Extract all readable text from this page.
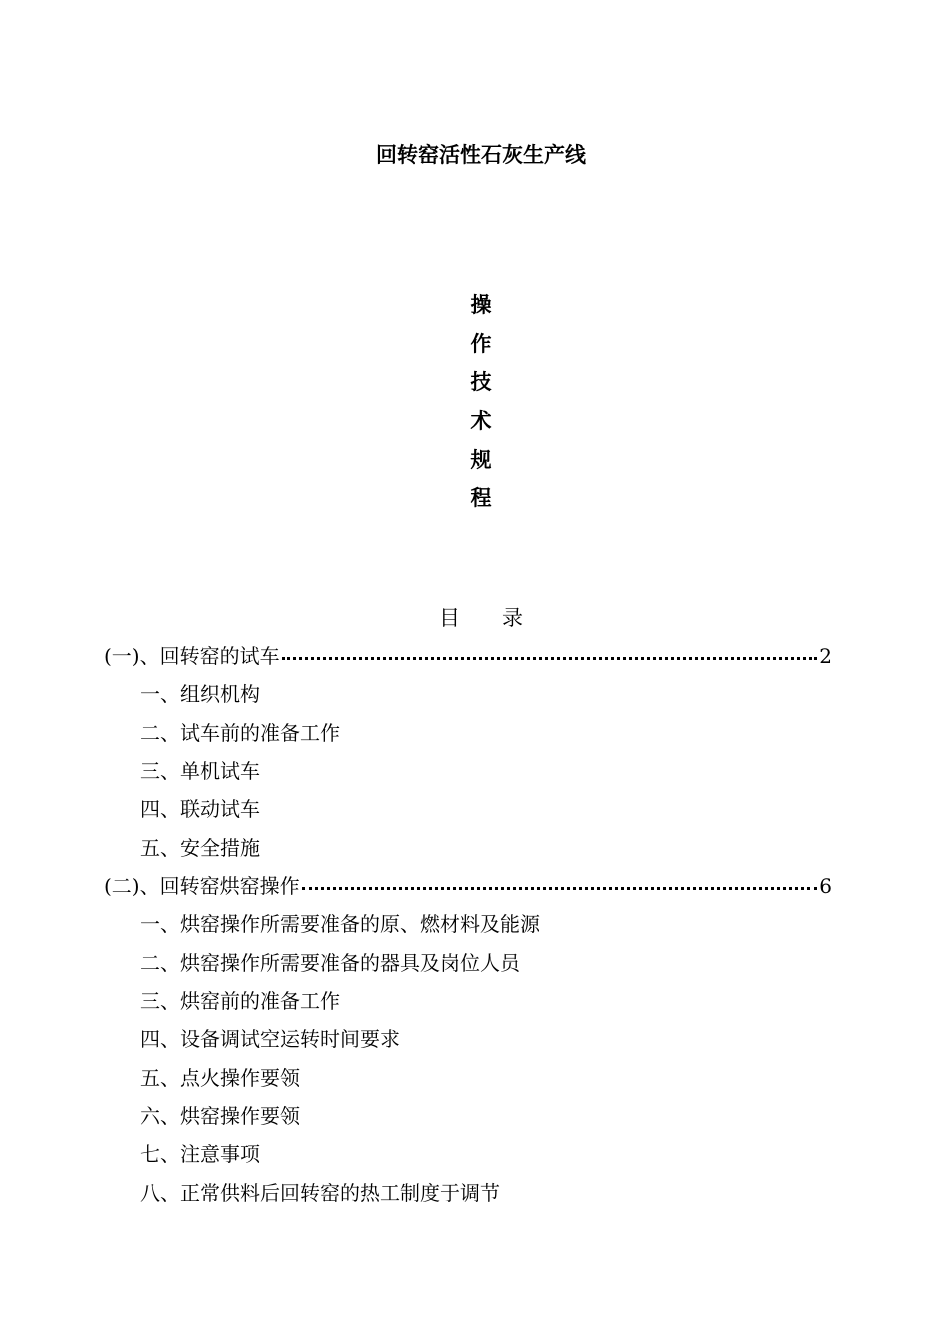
回转窑活性石灰生产线
操
作
技
术
规
程
目　　录
(一)、回转窑的试车	2
一、组织机构
二、试车前的准备工作
三、单机试车
四、联动试车
五、安全措施
(二)、回转窑烘窑操作	6
一、烘窑操作所需要准备的原、燃材料及能源
二、烘窑操作所需要准备的器具及岗位人员
三、烘窑前的准备工作
四、设备调试空运转时间要求
五、点火操作要领
六、烘窑操作要领
七、注意事项
八、正常供料后回转窑的热工制度于调节
